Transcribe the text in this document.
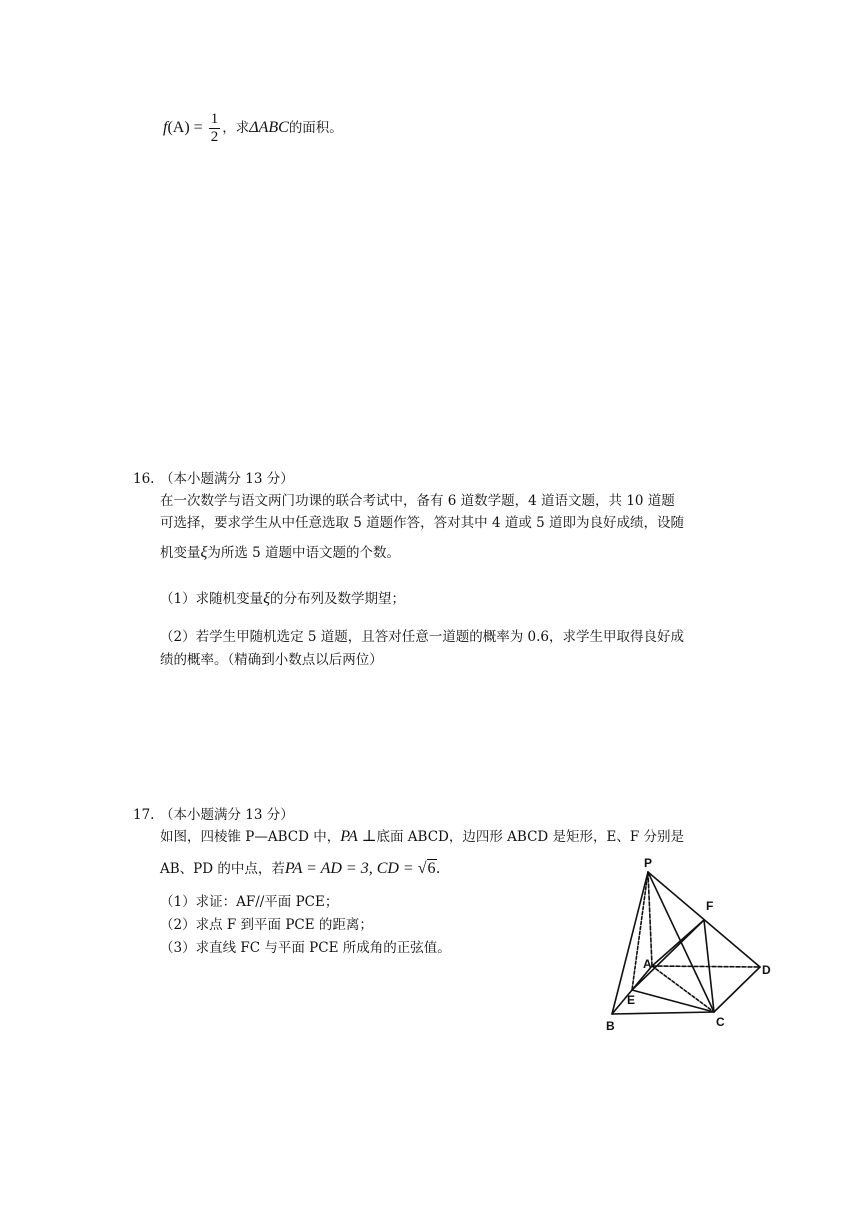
$f(A) = \frac{1}{2}$ ，求ΔABC的面积。
16. （本小题满分 13 分）
在一次数学与语文两门功课的联合考试中，备有 6 道数学题，4 道语文题，共 10 道题
可选择，要求学生从中任意选取 5 道题作答，答对其中 4 道或 5 道即为良好成绩，设随
机变量ξ为所选 5 道题中语文题的个数。
（1）求随机变量ξ的分布列及数学期望；
（2）若学生甲随机选定 5 道题，且答对任意一道题的概率为 0.6，求学生甲取得良好成
绩的概率。（精确到小数点以后两位）
17. （本小题满分 13 分）
如图，四棱锥 P—ABCD 中，PA ⊥底面 ABCD，边四形 ABCD 是矩形，E、F 分别是
AB、PD 的中点，若PA = AD = 3, CD = √6.
（1）求证：AF//平面 PCE；
（2）求点 F 到平面 PCE 的距离；
（3）求直线 FC 与平面 PCE 所成角的正弦值。
P
F
A	D
E
B	C
